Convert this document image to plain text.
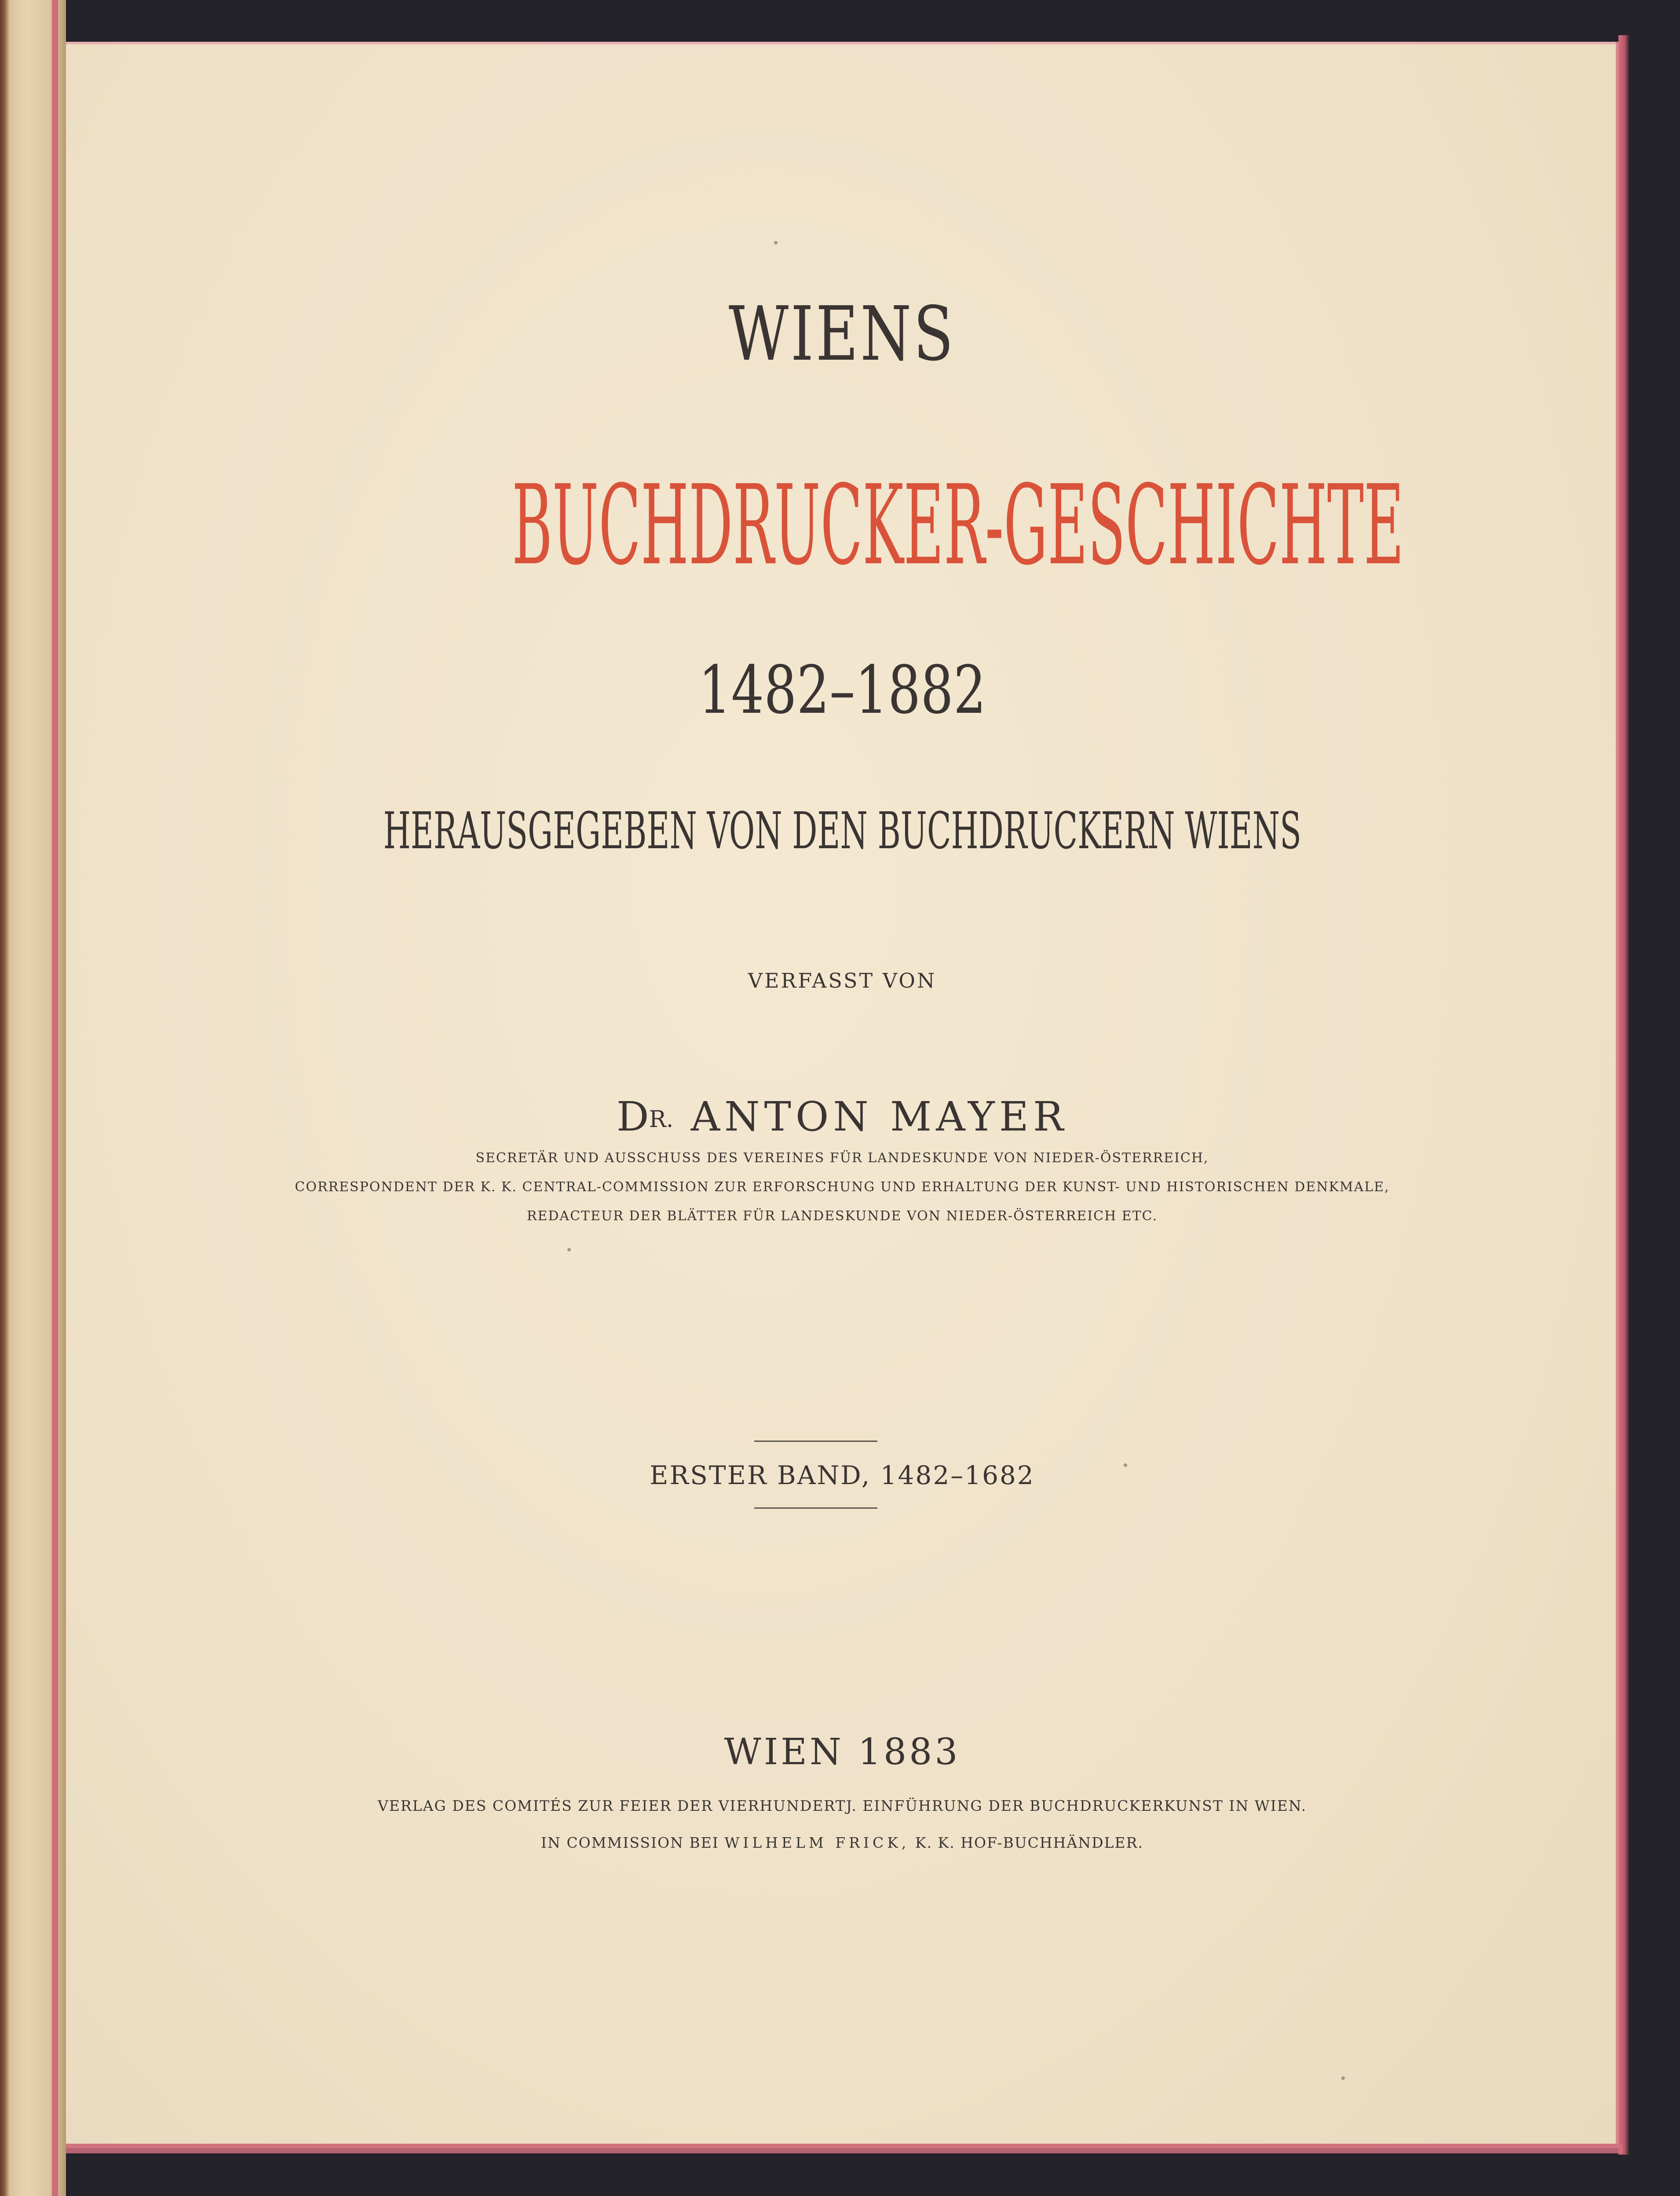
WIENS

BUCHDRUCKER-GESCHICHTE

1482–1882

HERAUSGEGEBEN VON DEN BUCHDRUCKERN WIENS

VERFASST VON

$D^{R.}$ ANTON MAYER

SECRETÄR UND AUSSCHUSS DES VEREINES FÜR LANDESKUNDE VON NIEDER-ÖSTERREICH,

CORRESPONDENT DER K. K. CENTRAL-COMMISSION ZUR ERFORSCHUNG UND ERHALTUNG DER KUNST- UND HISTORISCHEN DENKMALE,

REDACTEUR DER BLÄTTER FÜR LANDESKUNDE VON NIEDER-ÖSTERREICH ETC.

ERSTER BAND, 1482–1682

WIEN 1883

VERLAG DES COMITÉS ZUR FEIER DER VIERHUNDERTJ. EINFÜHRUNG DER BUCHDRUCKERKUNST IN WIEN.

IN COMMISSION BEI WILHELM FRICK, K. K. HOF-BUCHHÄNDLER.
